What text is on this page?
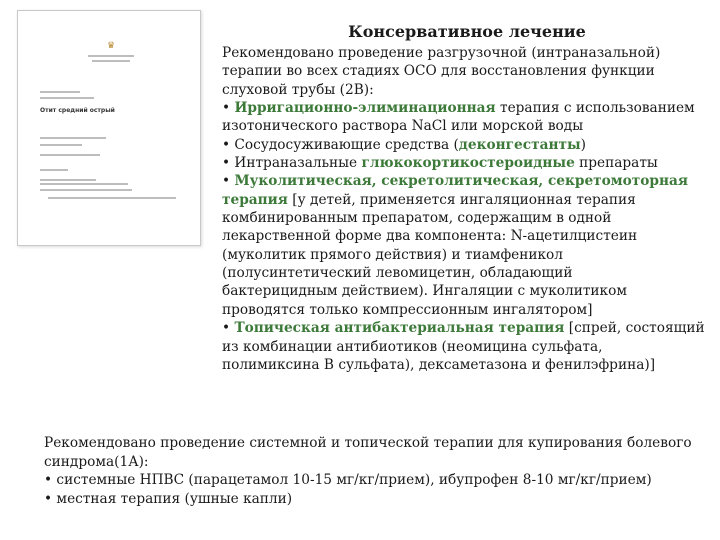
♛
Отит средний острый
Консервативное лечение
Рекомендовано проведение разгрузочной (интраназальной)
терапии во всех стадиях ОСО для восстановления функции
слуховой трубы (2В):
• Ирригационно-элиминационная терапия с использованием
изотонического раствора NaCl или морской воды
• Сосудосуживающие средства (деконгестанты)
• Интраназальные глюкокортикостероидные препараты
• Муколитическая, секретолитическая, секретомоторная
терапия [у детей, применяется ингаляционная терапия
комбинированным препаратом, содержащим в одной
лекарственной форме два компонента: N-ацетилцистеин
(муколитик прямого действия) и тиамфеникол
(полусинтетический левомицетин, обладающий
бактерицидным действием). Ингаляции с муколитиком
проводятся только компрессионным ингалятором]
• Топическая антибактериальная терапия [спрей, состоящий
из комбинации антибиотиков (неомицина сульфата,
полимиксина В сульфата), дексаметазона и фенилэфрина)]
Рекомендовано проведение системной и топической терапии для купирования болевого
синдрома(1А):
• системные НПВС (парацетамол 10-15 мг/кг/прием), ибупрофен 8-10 мг/кг/прием)
• местная терапия (ушные капли)
